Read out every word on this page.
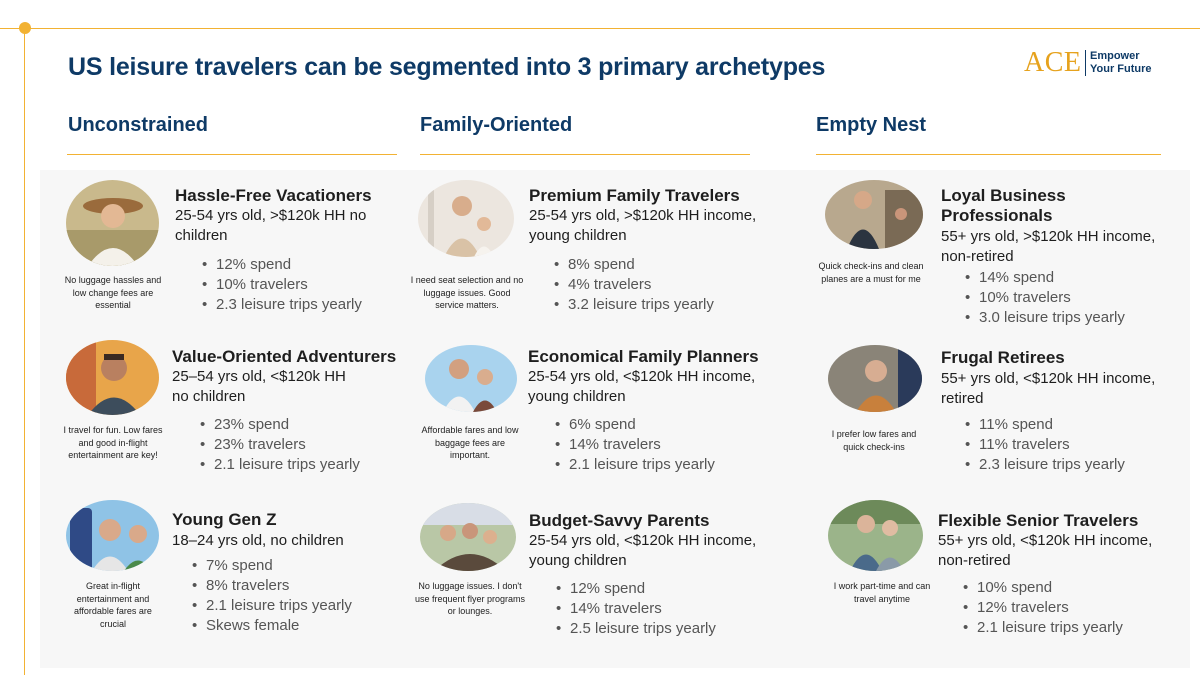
US leisure travelers can be segmented into 3 primary archetypes	ACE Empower
Your Future
Unconstrained	Family-Oriented	Empty Nest
No luggage hassles and low change fees are essential
Hassle-Free Vacationers
25-54 yrs old, >$120k HH no children
• 12% spend
• 10% travelers
• 2.3 leisure trips yearly
I travel for fun. Low fares and good in-flight entertainment are key!
Value-Oriented Adventurers
25–54 yrs old, <$120k HH no children
• 23% spend
• 23% travelers
• 2.1 leisure trips yearly
Great in-flight entertainment and affordable fares are crucial
Young Gen Z
18–24 yrs old, no children
• 7% spend
• 8% travelers
• 2.1 leisure trips yearly
• Skews female
I need seat selection and no luggage issues. Good service matters.
Premium Family Travelers
25-54 yrs old, >$120k HH income, young children
• 8% spend
• 4% travelers
• 3.2 leisure trips yearly
Affordable fares and low baggage fees are important.
Economical Family Planners
25-54 yrs old, <$120k HH income, young children
• 6% spend
• 14% travelers
• 2.1 leisure trips yearly
No luggage issues. I don't use frequent flyer programs or lounges.
Budget-Savvy Parents
25-54 yrs old, <$120k HH income, young children
• 12% spend
• 14% travelers
• 2.5 leisure trips yearly
Quick check-ins and clean planes are a must for me
Loyal Business Professionals
55+ yrs old, >$120k HH income, non-retired
• 14% spend
• 10% travelers
• 3.0 leisure trips yearly
I prefer low fares and quick check-ins
Frugal Retirees
55+ yrs old, <$120k HH income, retired
• 11% spend
• 11% travelers
• 2.3 leisure trips yearly
I work part-time and can travel anytime
Flexible Senior Travelers
55+ yrs old, <$120k HH income, non-retired
• 10% spend
• 12% travelers
• 2.1 leisure trips yearly
